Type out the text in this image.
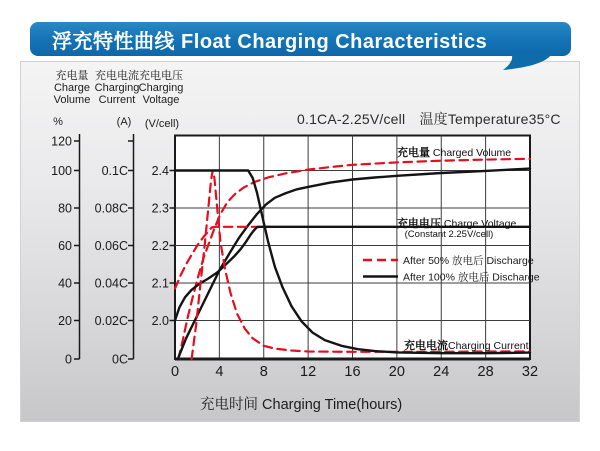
120
100
80
60
40
20
0
0.1C
0.08C
0.06C
0.04C
0.02C
0C
2.4
2.3
2.2
2.1
2.0
0	4	8 12 16 20 24 28 32
After 50% 放电后 Discharge
After 100% 放电后 Discharge
浮充特性曲线 Float Charging Characteristics
充电量
Charge
Volume
充电电流
Charging
Current
充电电压
Charging
Voltage
%	(A)	(V/cell)	0.1CA-2.25V/cell　温度Temperature35°C
充电量 Charged Volume
充电电压 Charge Voltage
(Constant 2.25V/cell)
充电电流Charging Current
充电时间 Charging Time(hours)
